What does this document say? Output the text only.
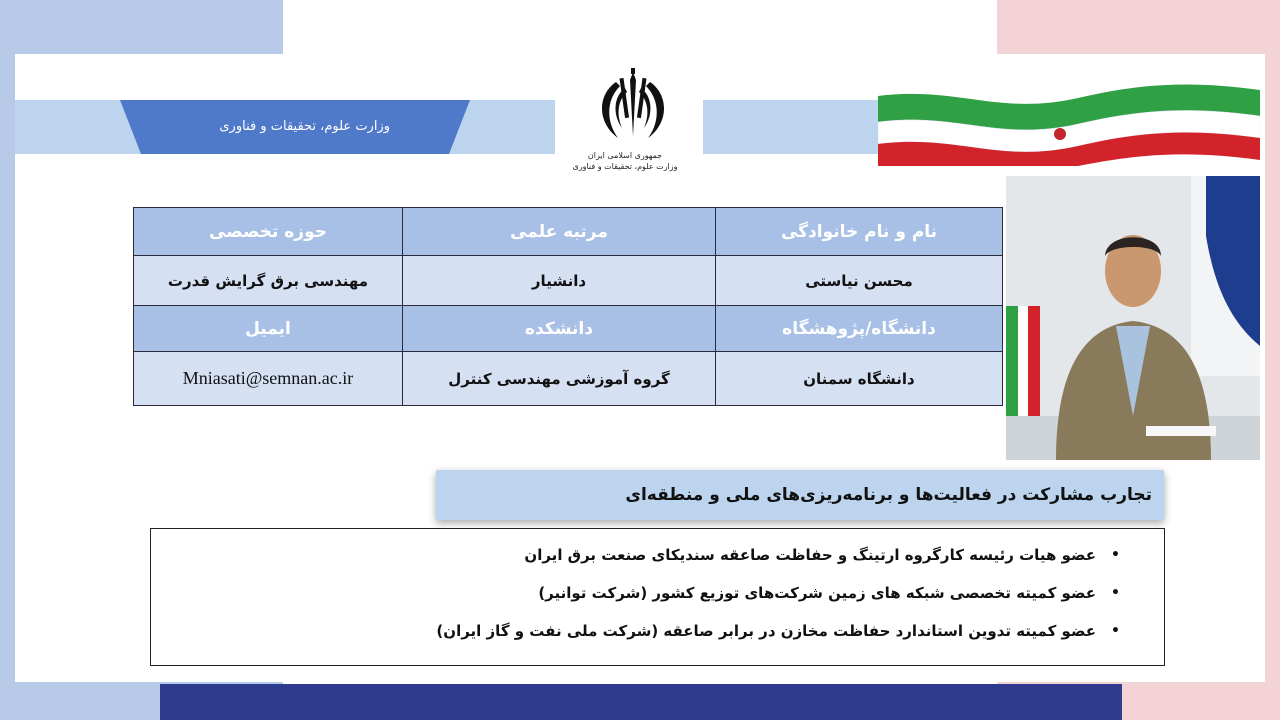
وزارت علوم، تحقیقات و فناوری
جمهوری اسلامی ایران
وزارت علوم، تحقیقات و فناوری
نام و نام خانوادگی	مرتبه علمی	حوزه تخصصی
محسن نیاستی	دانشیار	مهندسی برق گرایش قدرت
دانشگاه/پژوهشگاه	دانشکده	ایمیل
دانشگاه سمنان	گروه آموزشی مهندسی کنترل	Mniasati@semnan.ac.ir
تجارب مشارکت در فعالیت‌ها و برنامه‌ریزی‌های ملی و منطقه‌ای
•
عضو هیات رئیسه کارگروه ارتینگ و حفاظت صاعقه سندیکای صنعت برق ایران
•
عضو کمیته تخصصی شبکه های زمین شرکت‌های توزیع کشور (شرکت توانیر)
•
عضو کمیته تدوین استاندارد حفاظت مخازن در برابر صاعقه (شرکت ملی نفت و گاز ایران)
